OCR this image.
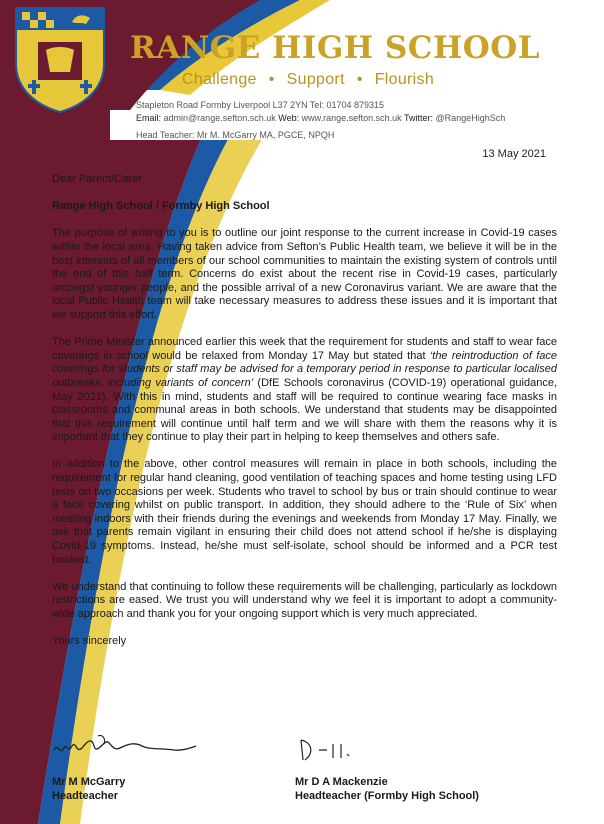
RANGE HIGH SCHOOL
Challenge • Support • Flourish
Stapleton Road Formby Liverpool L37 2YN Tel: 01704 879315
Email: admin@range.sefton.sch.uk Web: www.range.sefton.sch.uk Twitter: @RangeHighSch
Head Teacher: Mr M. McGarry MA, PGCE, NPQH
13 May 2021

Dear Parent/Carer

Range High School / Formby High School

The purpose of writing to you is to outline our joint response to the current increase in Covid-19 cases within the local area. Having taken advice from Sefton’s Public Health team, we believe it will be in the best interests of all members of our school communities to maintain the existing system of controls until the end of this half term. Concerns do exist about the recent rise in Covid-19 cases, particularly amongst younger people, and the possible arrival of a new Coronavirus variant. We are aware that the local Public Health team will take necessary measures to address these issues and it is important that we support this effort.

The Prime Minister announced earlier this week that the requirement for students and staff to wear face coverings in school would be relaxed from Monday 17 May but stated that ‘the reintroduction of face coverings for students or staff may be advised for a temporary period in response to particular localised outbreaks, including variants of concern’ (DfE Schools coronavirus (COVID-19) operational guidance, May 2021). With this in mind, students and staff will be required to continue wearing face masks in classrooms and communal areas in both schools. We understand that students may be disappointed that this requirement will continue until half term and we will share with them the reasons why it is important that they continue to play their part in helping to keep themselves and others safe.

In addition to the above, other control measures will remain in place in both schools, including the requirement for regular hand cleaning, good ventilation of teaching spaces and home testing using LFD tests on two occasions per week. Students who travel to school by bus or train should continue to wear a face covering whilst on public transport. In addition, they should adhere to the ‘Rule of Six’ when meeting indoors with their friends during the evenings and weekends from Monday 17 May. Finally, we ask that parents remain vigilant in ensuring their child does not attend school if he/she is displaying Covid-19 symptoms. Instead, he/she must self-isolate, school should be informed and a PCR test booked.

We understand that continuing to follow these requirements will be challenging, particularly as lockdown restrictions are eased. We trust you will understand why we feel it is important to adopt a community-wide approach and thank you for your ongoing support which is very much appreciated.

Yours sincerely

Mr M McGarry
Headteacher
Mr D A Mackenzie
Headteacher (Formby High School)
